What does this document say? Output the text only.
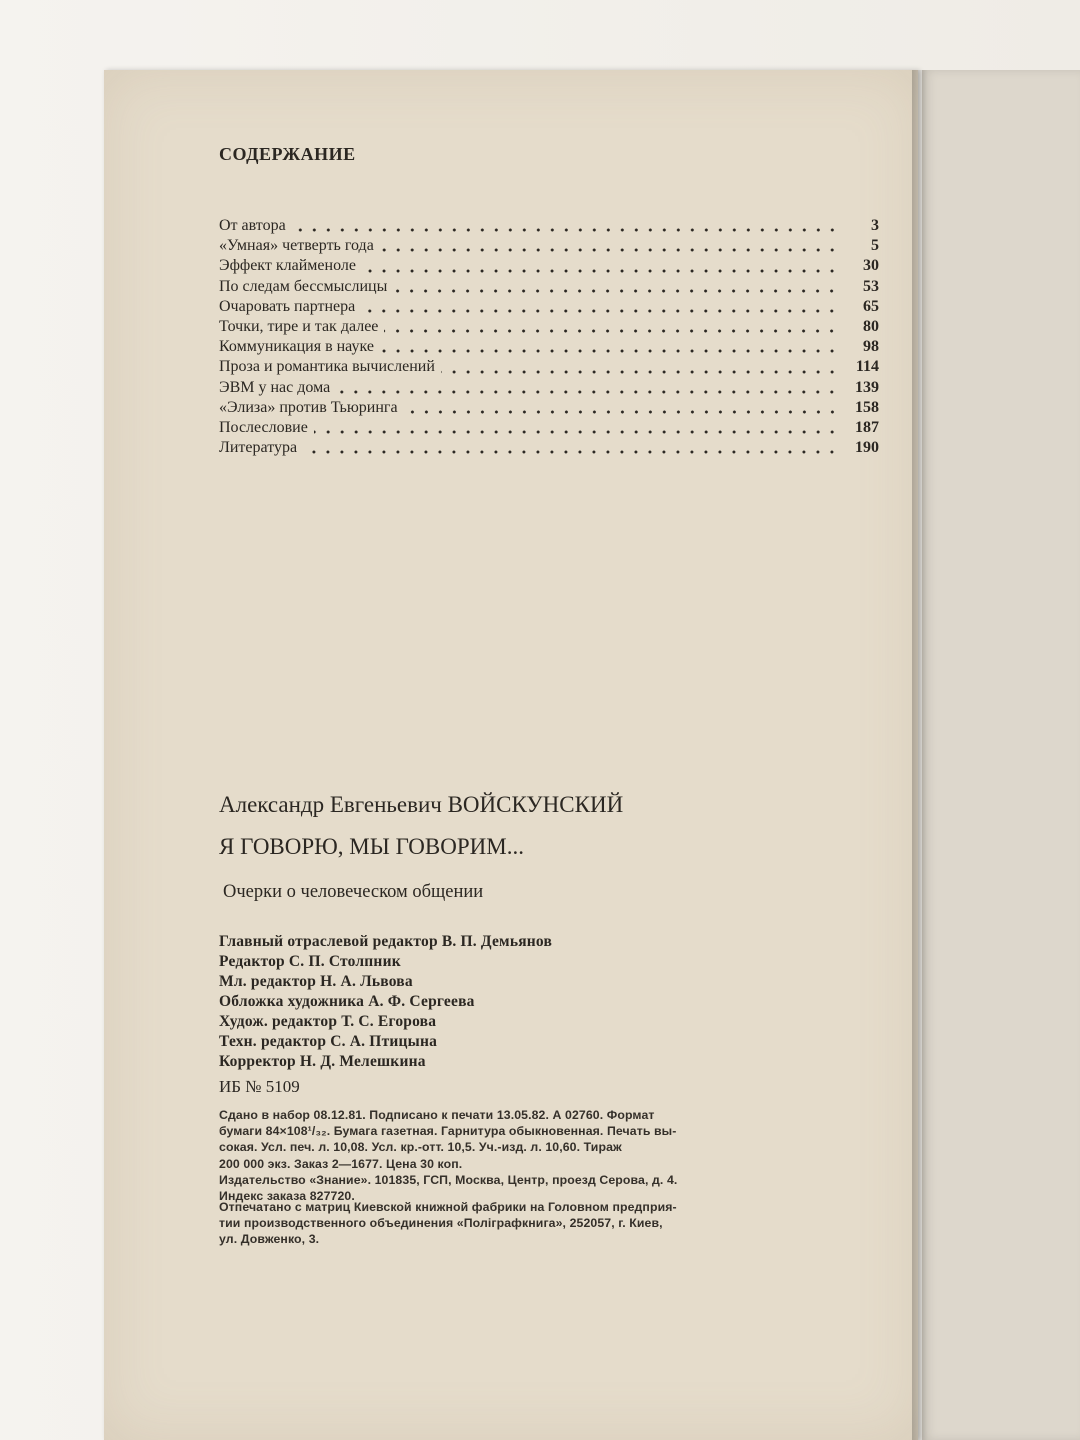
СОДЕРЖАНИЕ
От автора	3
«Умная» четверть года	5
Эффект клайменоле	30
По следам бессмыслицы	53
Очаровать партнера	65
Точки, тире и так далее	80
Коммуникация в науке	98
Проза и романтика вычислений	114
ЭВМ у нас дома	139
«Элиза» против Тьюринга	158
Послесловие	187
Литература	190

Александр Евгеньевич ВОЙСКУНСКИЙ

Я ГОВОРЮ, МЫ ГОВОРИМ...

Очерки о человеческом общении

Главный отраслевой редактор В. П. Демьянов
Редактор С. П. Столпник
Мл. редактор Н. А. Львова
Обложка художника А. Ф. Сергеева
Худож. редактор Т. С. Егорова
Техн. редактор С. А. Птицына
Корректор Н. Д. Мелешкина

ИБ № 5109

Сдано в набор 08.12.81. Подписано к печати 13.05.82. А 02760. Формат
бумаги 84×108¹/₃₂. Бумага газетная. Гарнитура обыкновенная. Печать вы-
сокая. Усл. печ. л. 10,08. Усл. кр.-отт. 10,5. Уч.-изд. л. 10,60. Тираж
200 000 экз. Заказ 2—1677. Цена 30 коп.
Издательство «Знание». 101835, ГСП, Москва, Центр, проезд Серова, д. 4.
Индекс заказа 827720.
Отпечатано с матриц Киевской книжной фабрики на Головном предприя-
тии производственного объединения «Поліграфкнига», 252057, г. Киев,
ул. Довженко, 3.
